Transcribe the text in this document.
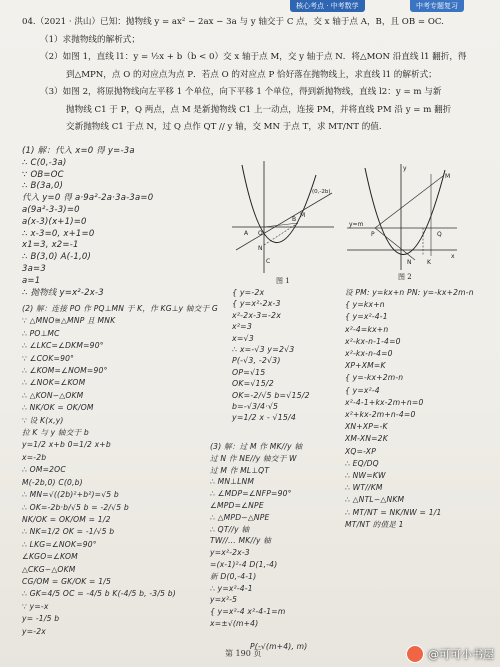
核心考点 · 中考数学	中考专题复习

04.（2021 · 洪山）已知：抛物线 y = ax² − 2ax − 3a 与 y 轴交于 C 点，交 x 轴于点 A，B，且 OB = OC.

（1）求抛物线的解析式；

（2）如图 1，直线 l1：y = ½x + b（b < 0）交 x 轴于点 M，交 y 轴于点 N．将△MON 沿直线 l1 翻折，得

到△MPN，点 O 的对应点为点 P．若点 O 的对应点 P 恰好落在抛物线上，求直线 l1 的解析式；

（3）如图 2，将原抛物线向左平移 1 个单位，向下平移 1 个单位，得到新抛物线，直线 l2：y = m 与新

抛物线 C1 于 P，Q 两点，点 M 是新抛物线 C1 上一动点，连接 PM，并将直线 PM 沿 y = m 翻折

交新抛物线 C1 于点 N，过 Q 点作 QT // y 轴，交 MN 于点 T，求 MT/NT 的值.

O
A
B
M
N
C
(0,-2b)
图 1
y=m
P	Q
M
N	K
y
x
图 2

(1) 解：代入 x=0 得 y=-3a

∴ C(0,-3a)

∵ OB=OC

∴ B(3a,0)

代入 y=0 得 a·9a²-2a·3a-3a=0

a(9a²-3-3)=0

a(x-3)(x+1)=0

∴ x-3=0, x+1=0

x1=3, x2=-1

∴ B(3,0) A(-1,0)

3a=3

a=1

∴ 抛物线 y=x²-2x-3

(2) 解：连接 PO 作 PQ⊥MN 于 K，作 KG⊥y 轴交于 G

∵ △MNO≅△MNP 且 MNK

∴ PO⊥MC

∴ ∠LKC=∠DKM=90°

∵ ∠COK=90°

∴ ∠KOM=∠NOM=90°

∴ ∠NOK=∠KOM

∴ △KON∽△OKM

∴ NK/OK = OK/OM

∵ 设 K(x,y)

拉 K 与 y 轴交于 b

y=1/2 x+b 0=1/2 x+b

x=-2b

∴ OM=2OC

M(-2b,0) C(0,b)

∴ MN=√((2b)²+b²)=√5 b

∴ OK=-2b·b/√5 b = -2/√5 b

NK/OK = OK/OM = 1/2

∴ NK=1/2 OK = -1/√5 b

∴ LKG=∠NOK=90°

∠KGO=∠KOM

△CKG∽△OKM

CG/OM = GK/OK = 1/5

∴ GK=4/5 OC = -4/5 b K(-4/5 b, -3/5 b)

∵ y=-x

y= -1/5 b

y=-2x

{ y=-2x

{ y=x²-2x-3

x²-2x-3=-2x

x²=3

x=√3

∴ x=-√3 y=2√3

P(-√3, -2√3)

OP=√15

OK=√15/2

OK=-2/√5 b=√15/2

b=-√3/4·√5

y=1/2 x - √15/4

(3) 解：过 M 作 MK//y 轴

过 N 作 NE//y 轴交于 W

过 M 作 ML⊥QT

∴ MN⊥LNM

∴ ∠MDP=∠NFP=90°

∠MPD=∠NPE

∴ △MPD∽△NPE

∴ QT//y 轴

TW//... MK//y 轴

y=x²-2x-3

=(x-1)²-4 D(1,-4)

新 D(0,-4-1)

∴ y=x²-4-1

y=x²-5

{ y=x²-4 x²-4-1=m

x=±√(m+4)

P(-√(m+4), m)

设 PM: y=kx+n PN: y=-kx+2m-n

{ y=kx+n

{ y=x²-4-1

x²-4=kx+n

x²-kx-n-1-4=0

x²-kx-n-4=0

XP+XM=K

{ y=-kx+2m-n

{ y=x²-4

x²-4-1+kx-2m+n=0

x²+kx-2m+n-4=0

XN+XP=-K

XM-XN=2K

XQ=-XP

∴ EQ/DQ

∴ NW=KW

∴ WT//KM

∴ △NTL∽△NKM

∴ MT/NT = NK/NW = 1/1

MT/NT 的值是 1

第 190 页	@可可小书屋
